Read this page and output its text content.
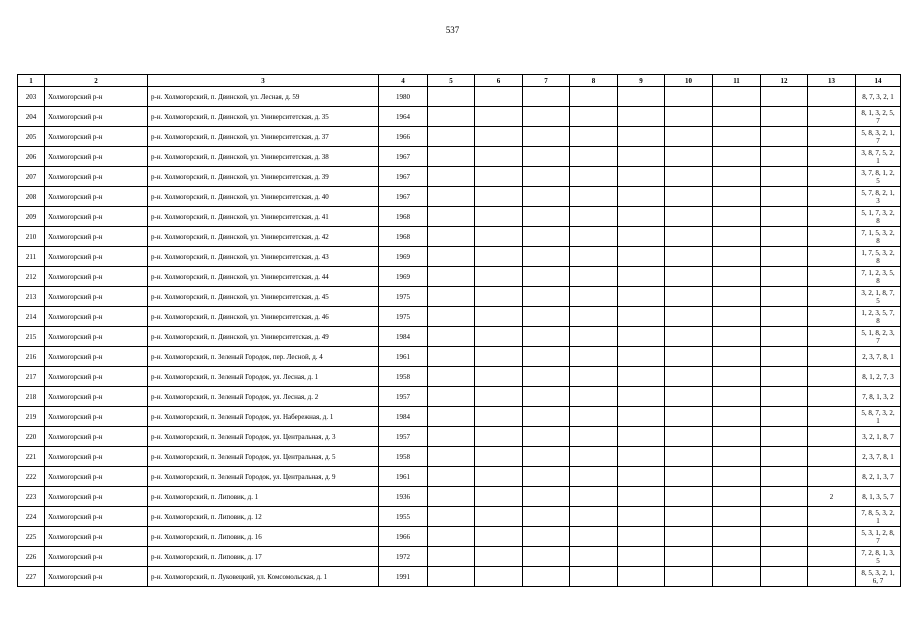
537
1	2	3	4	5	6	7	8	9	10	11	12	13	14
203	Холмогорский р-н	р-н. Холмогорский, п. Двинской, ул. Лесная, д. 59	1980										8, 7, 3, 2, 1
204	Холмогорский р-н	р-н. Холмогорский, п. Двинской, ул. Университетская, д. 35	1964										8, 1, 3, 2, 5, 7
205	Холмогорский р-н	р-н. Холмогорский, п. Двинской, ул. Университетская, д. 37	1966										5, 8, 3, 2, 1, 7
206	Холмогорский р-н	р-н. Холмогорский, п. Двинской, ул. Университетская, д. 38	1967										3, 8, 7, 5, 2, 1
207	Холмогорский р-н	р-н. Холмогорский, п. Двинской, ул. Университетская, д. 39	1967										3, 7, 8, 1, 2, 5
208	Холмогорский р-н	р-н. Холмогорский, п. Двинской, ул. Университетская, д. 40	1967										5, 7, 8, 2, 1, 3
209	Холмогорский р-н	р-н. Холмогорский, п. Двинской, ул. Университетская, д. 41	1968										5, 1, 7, 3, 2, 8
210	Холмогорский р-н	р-н. Холмогорский, п. Двинской, ул. Университетская, д. 42	1968										7, 1, 5, 3, 2, 8
211	Холмогорский р-н	р-н. Холмогорский, п. Двинской, ул. Университетская, д. 43	1969										1, 7, 5, 3, 2, 8
212	Холмогорский р-н	р-н. Холмогорский, п. Двинской, ул. Университетская, д. 44	1969										7, 1, 2, 3, 5, 8
213	Холмогорский р-н	р-н. Холмогорский, п. Двинской, ул. Университетская, д. 45	1975										3, 2, 1, 8, 7, 5
214	Холмогорский р-н	р-н. Холмогорский, п. Двинской, ул. Университетская, д. 46	1975										1, 2, 3, 5, 7, 8
215	Холмогорский р-н	р-н. Холмогорский, п. Двинской, ул. Университетская, д. 49	1984										5, 1, 8, 2, 3, 7
216	Холмогорский р-н	р-н. Холмогорский, п. Зеленый Городок, пер. Лесной, д. 4	1961										2, 3, 7, 8, 1
217	Холмогорский р-н	р-н. Холмогорский, п. Зеленый Городок, ул. Лесная, д. 1	1958										8, 1, 2, 7, 3
218	Холмогорский р-н	р-н. Холмогорский, п. Зеленый Городок, ул. Лесная, д. 2	1957										7, 8, 1, 3, 2
219	Холмогорский р-н	р-н. Холмогорский, п. Зеленый Городок, ул. Набережная, д. 1	1984										5, 8, 7, 3, 2, 1
220	Холмогорский р-н	р-н. Холмогорский, п. Зеленый Городок, ул. Центральная, д. 3	1957										3, 2, 1, 8, 7
221	Холмогорский р-н	р-н. Холмогорский, п. Зеленый Городок, ул. Центральная, д. 5	1958										2, 3, 7, 8, 1
222	Холмогорский р-н	р-н. Холмогорский, п. Зеленый Городок, ул. Центральная, д. 9	1961										8, 2, 1, 3, 7
223	Холмогорский р-н	р-н. Холмогорский, п. Липовик, д. 1	1936									2	8, 1, 3, 5, 7
224	Холмогорский р-н	р-н. Холмогорский, п. Липовик, д. 12	1955										7, 8, 5, 3, 2, 1
225	Холмогорский р-н	р-н. Холмогорский, п. Липовик, д. 16	1966										5, 3, 1, 2, 8, 7
226	Холмогорский р-н	р-н. Холмогорский, п. Липовик, д. 17	1972										7, 2, 8, 1, 3, 5
227	Холмогорский р-н	р-н. Холмогорский, п. Луковецкий, ул. Комсомольская, д. 1	1991										8, 5, 3, 2, 1, 6, 7
